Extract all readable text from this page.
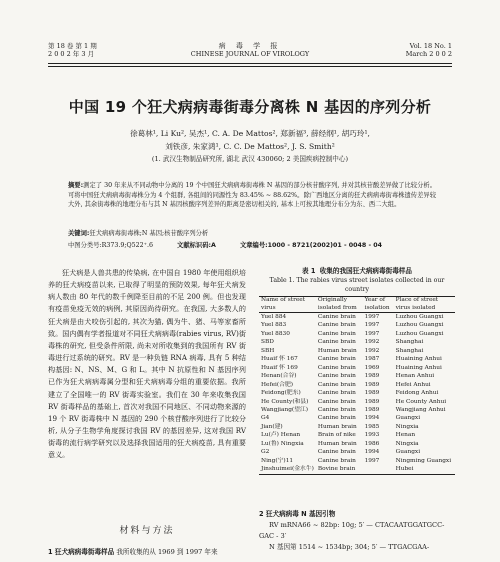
第 18 卷 第 1 期
2 0 0 2 年 3 月
病 毒 学 报
CHINESE JOURNAL OF VIROLOGY
Vol. 18 No. 1
March 2 0 0 2
中国 19 个狂犬病病毒街毒分离株 N 基因的序列分析
徐葛林¹, Li Ku², 吴杰¹, C. A. De Mattos², 郑新福³, 薛经纲¹, 胡巧玲¹,
刘铁彦, 朱家鸿¹, C. C. De Mattos², J. S. Smith²
(1. 武汉生物制品研究所, 湖北 武汉 430060; 2 美国疾病控制中心)
摘要:测定了 30 年来从不同动物中分离的 19 个中国狂犬病病毒街毒株 N 基因的部分核苷酸序列, 并对其核苷酸差异做了比较分析。可将中国狂犬病病毒街毒株分为 4 个组群, 各组间的同源性为 83.45% ~ 88.62%。除广西地区分离的狂犬病病毒街毒株遗传差异较大外, 其余街毒株的地理分布与其 N 基因核酸序列差异的距离是密切相关的, 基本上可按其地理分布分为东、西二大组。
关键词:狂犬病病毒街毒株;N 基因;核苷酸序列分析
中图分类号:R373.9;Q522⁺.6	文献标识码:A	文章编号:1000 - 8721(2002)01 - 0048 - 04

狂犬病是人兽共患的传染病, 在中国自 1980 年使用组织培养的狂犬病疫苗以来, 已取得了明显的预防效果, 每年狂犬病发病人数由 80 年代的数千例降至目前的不足 200 例。但也发现有疫苗免疫无效的病例, 其原因尚待研究。在我国, 大多数人的狂犬病是由犬咬伤引起的, 其次为猫, 偶为牛、猪、马等家畜所致。国内偶有学者报道对不同狂犬病病毒(rabies virus, RV)街毒株的研究, 但受条件所限, 尚未对所收集到的我国所有 RV 街毒进行过系统的研究。RV 是一种负链 RNA 病毒, 具有 5 种结构基因: N、NS、M、G 和 L。其中 N 抗原性和 N 基因序列已作为狂犬病病毒属分型和狂犬病病毒分组的重要依据。我所建立了全国唯一的 RV 街毒实验室。我们在 30 年来收集我国 RV 街毒样品的基础上, 首次对我国不同地区、不同动物来源的 19 个 RV 街毒株中 N 基因的 290 个核苷酸序列进行了比较分析, 从分子生物学角度探讨我国 RV 的基因差异, 这对我国 RV 街毒的流行病学研究以及选择我国适用的狂犬病疫苗, 具有重要意义。

材料与方法
1 狂犬病病毒街毒样品 我所收集的从 1969 到 1997 年来
表 1 收集的我国狂犬病病毒街毒样品
Table 1. The rabies virus street isolates collected in our country
Name of street virus	Originally isolated from	Year of isolation	Place of street virus isolated
Yuel 884	Canine brain	1997	Luzhou Guangxi
Yuel 883	Canine brain	1997	Luzhou Guangxi
Yuel 8830	Canine brain	1997	Luzhou Guangxi
SBD	Canine brain	1992	Shanghai
SBH	Human brain	1992	Shanghai
Huaif 怀 167	Canine brain	1987	Huaining Anhui
Huaif 怀 169	Canine brain	1969	Huaining Anhui
Henan(合谷)	Canine brain	1989	Henan Anhui
Hefei(合肥)	Canine brain	1989	Hefei Anhui
Feidong(肥东)	Canine brain	1989	Feidong Anhui
He County(和县)	Canine brain	1989	He County Anhui
Wangjiang(望江)	Canine brain	1989	Wangjiang Anhui
G4	Canine brain	1994	Guangxi
Jian(建)	Human brain	1985	Ningxia
Lu(卢) Henan	Brain of nike	1993	Henan
Lu(鲁) Ningxia	Human brain	1986	Ningxia
G2	Canine brain	1994	Guangxi
Ning(宁)11	Canine brain	1997	Ningming Guangxi
Jinshuimei(金水牛)	Bovine brain		Hubei
2 狂犬病病毒 N 基因引物
RV mRNA66 ~ 82bp: 10g; 5′ — CTACAATGGATGCC-
GAC - 3′
N 基因第 1514 ~ 1534bp; 304; 5′ — TTGACGAA-
